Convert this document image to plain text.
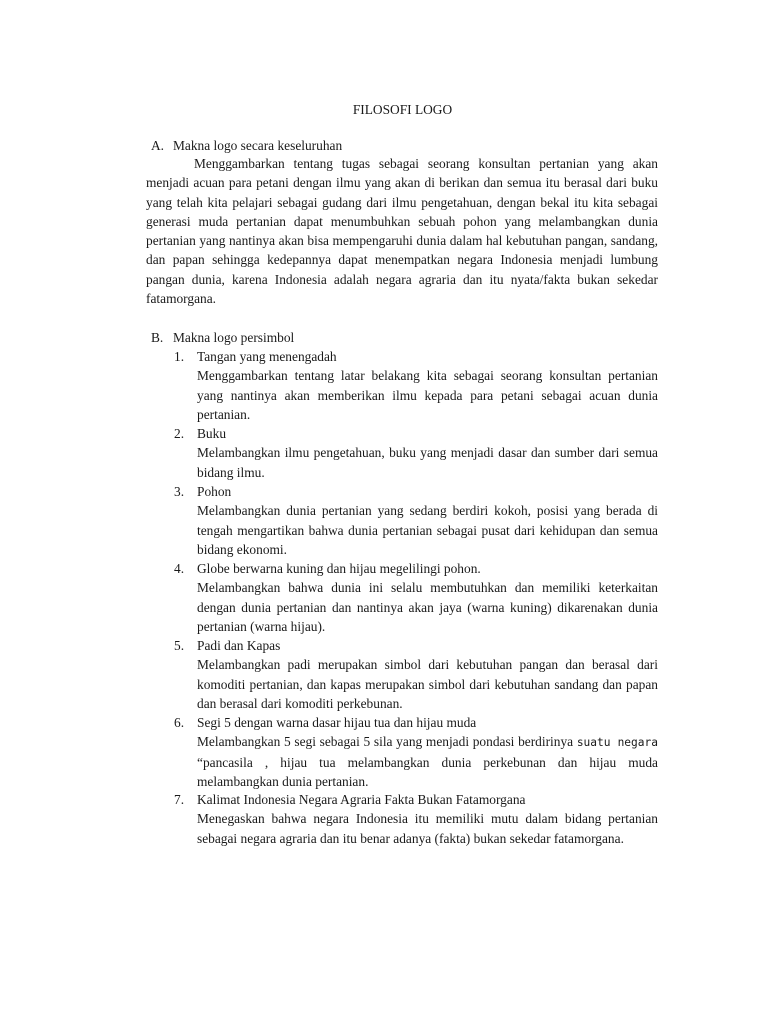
FILOSOFI LOGO
A. Makna logo secara keseluruhan
Menggambarkan tentang tugas sebagai seorang konsultan pertanian yang akan menjadi acuan para petani dengan ilmu yang akan di berikan dan semua itu berasal dari buku yang telah kita pelajari sebagai gudang dari ilmu pengetahuan, dengan bekal itu kita sebagai generasi muda pertanian dapat menumbuhkan sebuah pohon yang melambangkan dunia pertanian yang nantinya akan bisa mempengaruhi dunia dalam hal kebutuhan pangan, sandang, dan papan sehingga kedepannya dapat menempatkan negara Indonesia menjadi lumbung pangan dunia, karena Indonesia adalah negara agraria dan itu nyata/fakta bukan sekedar fatamorgana.
B. Makna logo persimbol
1. Tangan yang menengadah
Menggambarkan tentang latar belakang kita sebagai seorang konsultan pertanian yang nantinya akan memberikan ilmu kepada para petani sebagai acuan dunia pertanian.
2. Buku
Melambangkan ilmu pengetahuan, buku yang menjadi dasar dan sumber dari semua bidang ilmu.
3. Pohon
Melambangkan dunia pertanian yang sedang berdiri kokoh, posisi yang berada di tengah mengartikan bahwa dunia pertanian sebagai pusat dari kehidupan dan semua bidang ekonomi.
4. Globe berwarna kuning dan hijau megelilingi pohon.
Melambangkan bahwa dunia ini selalu membutuhkan dan memiliki keterkaitan dengan dunia pertanian dan nantinya akan jaya (warna kuning) dikarenakan dunia pertanian (warna hijau).
5. Padi dan Kapas
Melambangkan padi merupakan simbol dari kebutuhan pangan dan berasal dari komoditi pertanian, dan kapas merupakan simbol dari kebutuhan sandang dan papan dan berasal dari komoditi perkebunan.
6. Segi 5 dengan warna dasar hijau tua dan hijau muda
Melambangkan 5 segi sebagai 5 sila yang menjadi pondasi berdirinya suatu negara “pancasila , hijau tua melambangkan dunia perkebunan dan hijau muda melambangkan dunia pertanian.
7. Kalimat Indonesia Negara Agraria Fakta Bukan Fatamorgana
Menegaskan bahwa negara Indonesia itu memiliki mutu dalam bidang pertanian sebagai negara agraria dan itu benar adanya (fakta) bukan sekedar fatamorgana.
